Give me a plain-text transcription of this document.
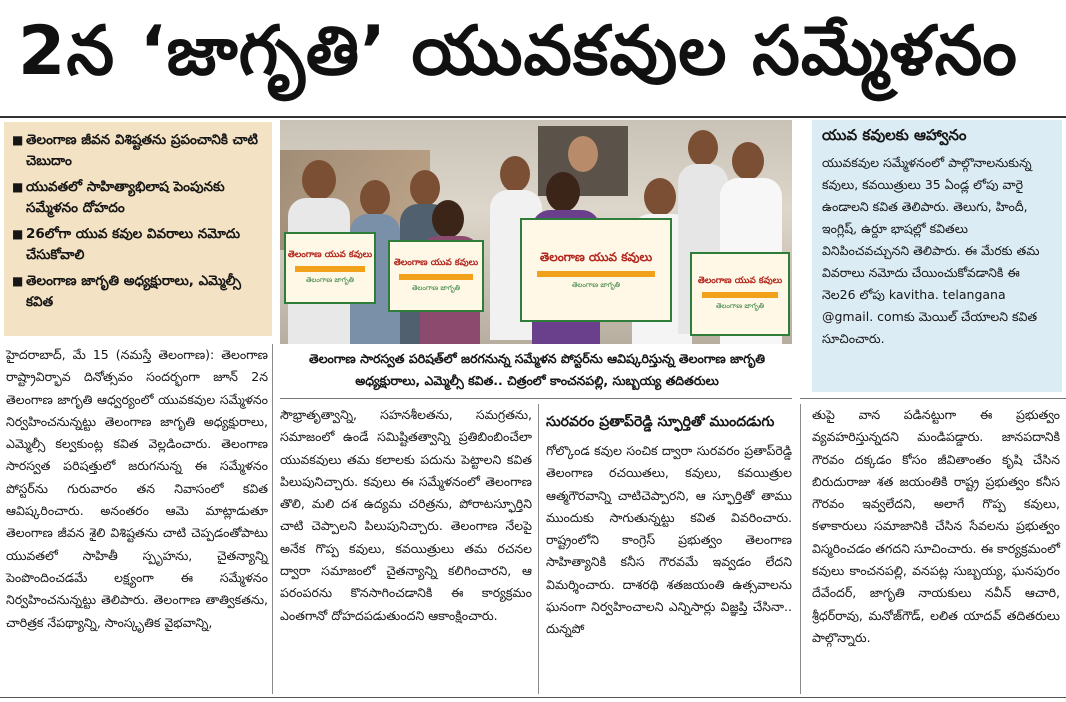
2న ‘జాగృతి’ యువకవుల సమ్మేళనం
■ తెలంగాణ జీవన విశిష్టతను ప్రపంచానికి చాటి చెబుదాం
■ యువతలో సాహిత్యాభిలాష పెంపునకు సమ్మేళనం దోహదం
■ 26లోగా యువ కవుల వివరాలు నమోదు చేసుకోవాలి
■ తెలంగాణ జాగృతి అధ్యక్షురాలు, ఎమ్మెల్సీ కవిత
తెలంగాణ యువ కవులు
తెలంగాణ జాగృతి
తెలంగాణ యువ కవులు
తెలంగాణ జాగృతి
తెలంగాణ యువ కవులు
తెలంగాణ జాగృతి	తెలంగాణ యువ కవులు
తెలంగాణ జాగృతి
తెలంగాణ సారస్వత పరిషత్‌లో జరగనున్న సమ్మేళన పోస్టర్‌ను ఆవిష్కరిస్తున్న తెలంగాణ జాగృతి అధ్యక్షురాలు, ఎమ్మెల్సీ కవిత.. చిత్రంలో కాంచనపల్లి, సుబ్బయ్య తదితరులు
యువ కవులకు ఆహ్వానం
యువకవుల సమ్మేళనంలో పాల్గొనాలనుకున్న కవులు, కవయిత్రులు 35 ఏండ్ల లోపు వారై ఉండాలని కవిత తెలిపారు. తెలుగు, హిందీ, ఇంగ్లిష్‌, ఉర్దూ భాషల్లో కవితలు వినిపించవచ్చునని తెలిపారు. ఈ మేరకు తమ వివరాలు నమోదు చేయించుకోవడానికి ఈ నెల26 లోపు kavitha. telangana @gmail. comకు మెయిల్‌ చేయాలని కవిత సూచించారు.

హైదరాబాద్‌, మే 15 (నమస్తే తెలంగాణ): తెలంగాణ రాష్ట్రావిర్భావ దినోత్సవం సందర్భంగా జూన్‌ 2న తెలంగాణ జాగృతి ఆధ్వర్యంలో యువకవుల సమ్మేళనం నిర్వహించనున్నట్టు తెలంగాణ జాగృతి అధ్యక్షురాలు, ఎమ్మెల్సీ కల్వకుంట్ల కవిత వెల్లడించారు. తెలంగాణ సారస్వత పరిషత్తులో జరుగనున్న ఈ సమ్మేళనం పోస్టర్‌ను గురువారం తన నివాసంలో కవిత ఆవిష్కరించారు. అనంతరం ఆమె మాట్లాడుతూ తెలంగాణ జీవన శైలి విశిష్టతను చాటి చెప్పడంతోపాటు యువతలో సాహితీ స్పృహను, చైతన్యాన్ని పెంపొందించడమే లక్ష్యంగా ఈ సమ్మేళనం నిర్వహించనున్నట్టు తెలిపారు. తెలంగాణ తాత్వికతను, చారిత్రక నేపథ్యాన్ని, సాంస్కృతిక వైభవాన్ని,

సౌభ్రాతృత్వాన్ని, సహనశీలతను, సమగ్రతను, సమాజంలో ఉండే సమిష్టితత్వాన్ని ప్రతిబింబించేలా యువకవులు తమ కలాలకు పదును పెట్టాలని కవిత పిలుపునిచ్చారు. కవులు ఈ సమ్మేళనంలో తెలంగాణ తొలి, మలి దశ ఉద్యమ చరిత్రను, పోరాటస్ఫూర్తిని చాటి చెప్పాలని పిలుపునిచ్చారు. తెలంగాణ నేలపై అనేక గొప్ప కవులు, కవయిత్రులు తమ రచనల ద్వారా సమాజంలో చైతన్యాన్ని కలిగించారని, ఆ పరంపరను కొనసాగించడానికి ఈ కార్యక్రమం ఎంతగానో దోహదపడుతుందని ఆకాంక్షించారు.

సురవరం ప్రతాప్‌రెడ్డి స్ఫూర్తితో ముందడుగు

గోల్కొండ కవుల సంచిక ద్వారా సురవరం ప్రతాప్‌రెడ్డి తెలంగాణ రచయితలు, కవులు, కవయిత్రుల ఆత్మగౌరవాన్ని చాటిచెప్పారని, ఆ స్ఫూర్తితో తాము ముందుకు సాగుతున్నట్టు కవిత వివరించారు. రాష్ట్రంలోని కాంగ్రెస్‌ ప్రభుత్వం తెలంగాణ సాహిత్యానికి కనీస గౌరవమే ఇవ్వడం లేదని విమర్శించారు. దాశరథి శతజయంతి ఉత్సవాలను ఘనంగా నిర్వహించాలని ఎన్నిసార్లు విజ్ఞప్తి చేసినా.. దున్నపో

తుపై వాన పడినట్టుగా ఈ ప్రభుత్వం వ్యవహరిస్తున్నదని మండిపడ్డారు. జానపదానికి గౌరవం దక్కడం కోసం జీవితాంతం కృషి చేసిన బిరుదురాజు శత జయంతికి రాష్ట్ర ప్రభుత్వం కనీస గౌరవం ఇవ్వలేదని, అలాగే గొప్ప కవులు, కళాకారులు సమాజానికి చేసిన సేవలను ప్రభుత్వం విస్మరించడం తగదని సూచించారు. ఈ కార్యక్రమంలో కవులు కాంచనపల్లి, వనపట్ల సుబ్బయ్య, ఘనపురం దేవేందర్‌, జాగృతి నాయకులు నవీన్‌ ఆచారి, శ్రీధర్‌రావు, మనోజ్‌గౌడ్‌, లలిత యాదవ్‌ తదితరులు పాల్గొన్నారు.
